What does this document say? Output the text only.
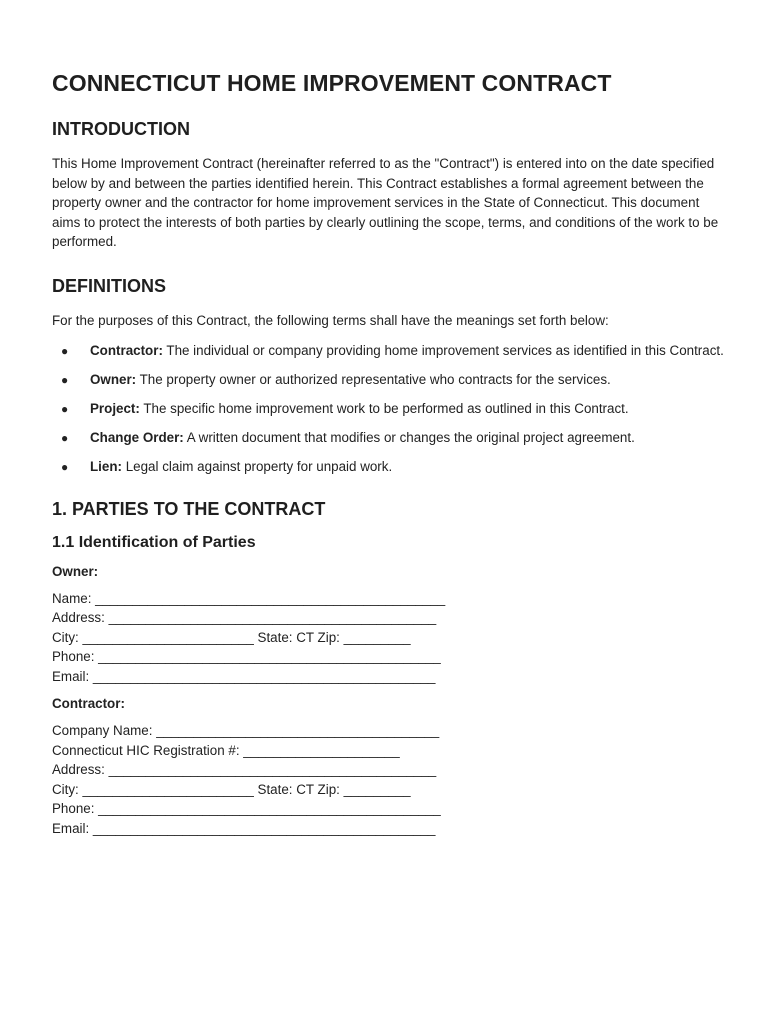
CONNECTICUT HOME IMPROVEMENT CONTRACT
INTRODUCTION

This Home Improvement Contract (hereinafter referred to as the "Contract") is entered into on the date specified below by and between the parties identified herein. This Contract establishes a formal agreement between the property owner and the contractor for home improvement services in the State of Connecticut. This document aims to protect the interests of both parties by clearly outlining the scope, terms, and conditions of the work to be performed.

DEFINITIONS

For the purposes of this Contract, the following terms shall have the meanings set forth below:

● Contractor: The individual or company providing home improvement services as identified in this Contract.
● Owner: The property owner or authorized representative who contracts for the services.
● Project: The specific home improvement work to be performed as outlined in this Contract.
● Change Order: A written document that modifies or changes the original project agreement.
● Lien: Legal claim against property for unpaid work.
1. PARTIES TO THE CONTRACT
1.1 Identification of Parties
Owner:
Name: _______________________________________________
Address: ____________________________________________
City: _______________________ State: CT Zip: _________
Phone: ______________________________________________
Email: ______________________________________________
Contractor:
Company Name: ______________________________________
Connecticut HIC Registration #: _____________________
Address: ____________________________________________
City: _______________________ State: CT Zip: _________
Phone: ______________________________________________
Email: ______________________________________________
